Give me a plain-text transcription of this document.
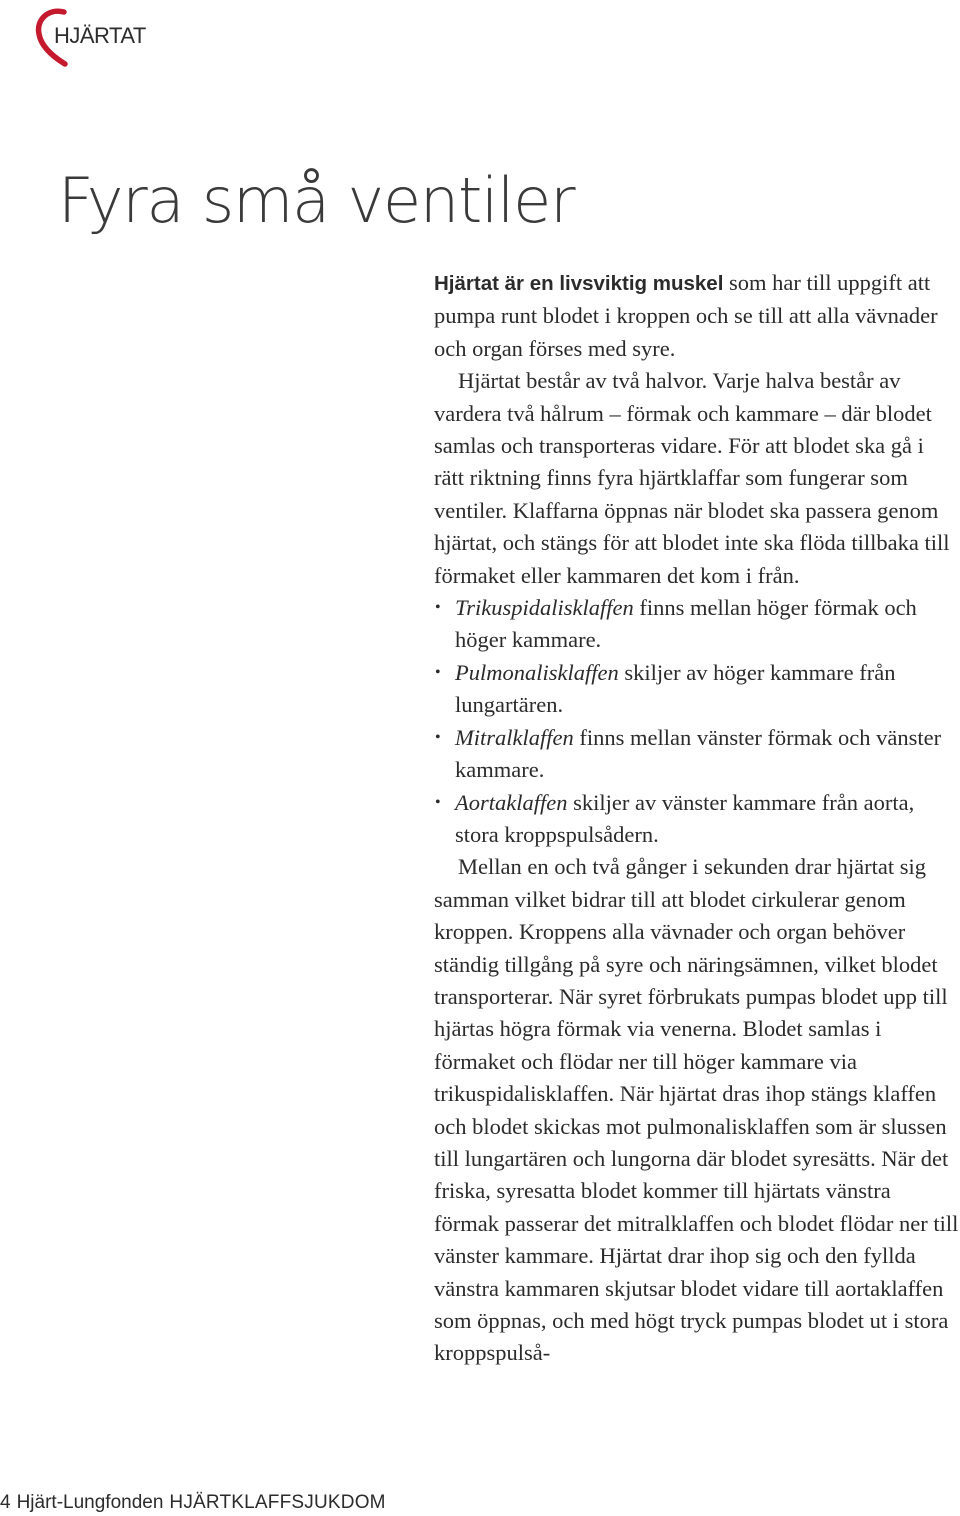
HJÄRTAT
Fyra små ventiler

Hjärtat är en livsviktig muskel som har till uppgift att pumpa runt blodet i kroppen och se till att alla vävnader och organ förses med syre.

Hjärtat består av två halvor. Varje halva består av vardera två hålrum – förmak och kammare – där blodet samlas och transporteras vidare. För att blodet ska gå i rätt riktning finns fyra hjärtklaffar som fungerar som ventiler. Klaffarna öppnas när blodet ska passera genom hjärtat, och stängs för att blodet inte ska flöda tillbaka till förmaket eller kammaren det kom i från.

• Trikuspidalisklaffen finns mellan höger förmak och höger kammare.
• Pulmonalisklaffen skiljer av höger kammare från lungartären.
• Mitralklaffen finns mellan vänster förmak och vänster kammare.
• Aortaklaffen skiljer av vänster kammare från aorta, stora kroppspulsådern.

Mellan en och två gånger i sekunden drar hjärtat sig samman vilket bidrar till att blodet cirkulerar genom kroppen. Kroppens alla vävnader och organ behöver ständig tillgång på syre och näringsämnen, vilket blodet transporterar. När syret förbrukats pumpas blodet upp till hjärtas högra förmak via venerna. Blodet samlas i förmaket och flödar ner till höger kammare via trikuspidalisklaffen. När hjärtat dras ihop stängs klaffen och blodet skickas mot pulmonalisklaffen som är slussen till lungartären och lungorna där blodet syresätts. När det friska, syresatta blodet kommer till hjärtats vänstra förmak passerar det mitralklaffen och blodet flödar ner till vänster kammare. Hjärtat drar ihop sig och den fyllda vänstra kammaren skjutsar blodet vidare till aortaklaffen som öppnas, och med högt tryck pumpas blodet ut i stora kroppspulså-

4 Hjärt-Lungfonden HJÄRTKLAFFSJUKDOM
